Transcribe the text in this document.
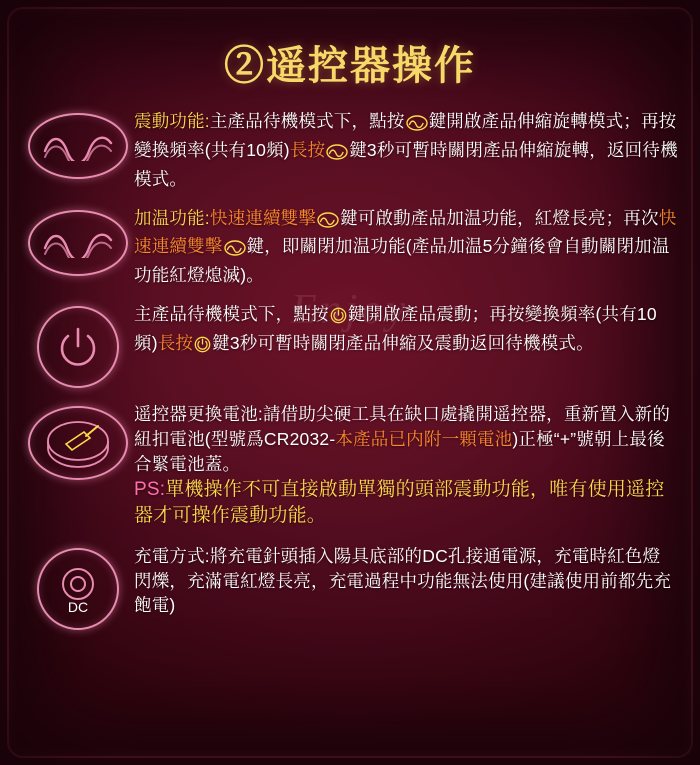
Enjoy
②遥控器操作
震動功能:主產品待機模式下，點按 鍵開啟產品伸縮旋轉模式；再按變換頻率(共有10頻)長按 鍵3秒可暫時關閉產品伸縮旋轉，返回待機模式。
加温功能:快速連續雙擊 鍵可啟動產品加温功能，紅燈長亮；再次快速連續雙擊 鍵，即關閉加温功能(產品加温5分鐘後會自動關閉加温功能紅燈熄滅)。
主產品待機模式下，點按 鍵開啟產品震動；再按變換頻率(共有10頻)長按 鍵3秒可暫時關閉產品伸縮及震動返回待機模式。
遥控器更換電池:請借助尖硬工具在缺口處撬開遥控器，重新置入新的紐扣電池(型號爲CR2032-本產品已内附一顆電池)正極“+”號朝上最後合緊電池蓋。
PS:單機操作不可直接啟動單獨的頭部震動功能，唯有使用遥控器才可操作震動功能。
DC
充電方式:將充電針頭插入陽具底部的DC孔接通電源，充電時紅色燈閃爍，充滿電紅燈長亮，充電過程中功能無法使用(建議使用前都先充飽電)
